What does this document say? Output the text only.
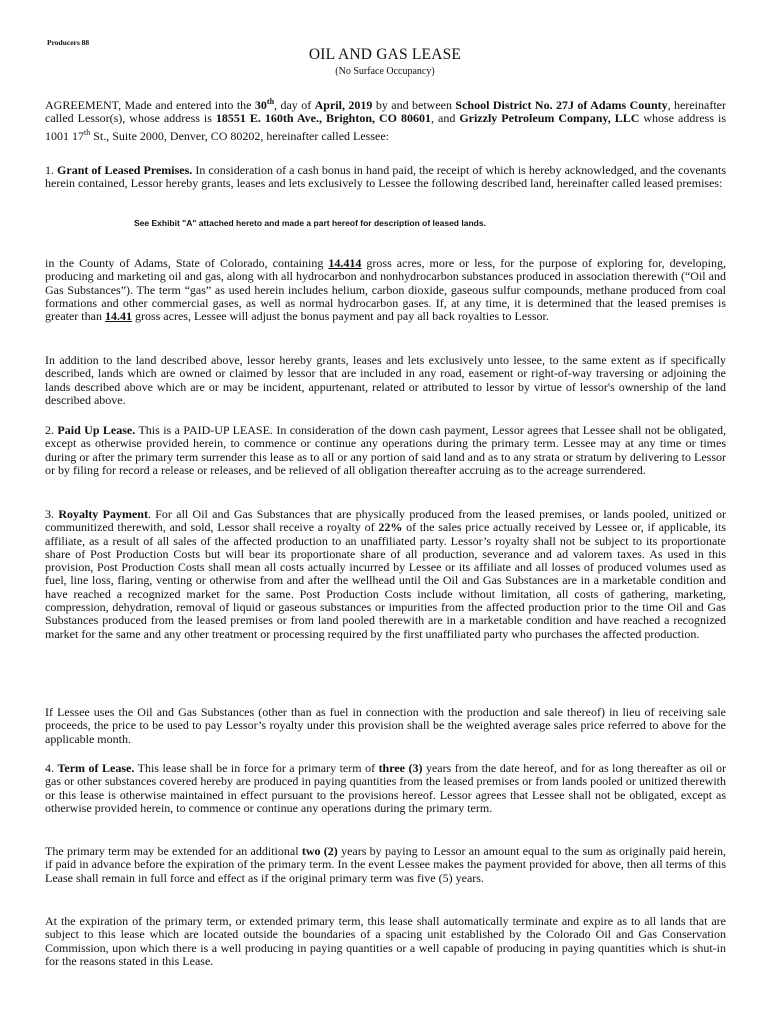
Producers 88
OIL AND GAS LEASE
(No Surface Occupancy)
AGREEMENT, Made and entered into the 30th, day of April, 2019 by and between School District No. 27J of Adams County, hereinafter called Lessor(s), whose address is 18551 E. 160th Ave., Brighton, CO 80601, and Grizzly Petroleum Company, LLC whose address is 1001 17th St., Suite 2000, Denver, CO 80202, hereinafter called Lessee:
1. Grant of Leased Premises. In consideration of a cash bonus in hand paid, the receipt of which is hereby acknowledged, and the covenants herein contained, Lessor hereby grants, leases and lets exclusively to Lessee the following described land, hereinafter called leased premises:
See Exhibit "A" attached hereto and made a part hereof for description of leased lands.
in the County of Adams, State of Colorado, containing 14.414 gross acres, more or less, for the purpose of exploring for, developing, producing and marketing oil and gas, along with all hydrocarbon and nonhydrocarbon substances produced in association therewith (“Oil and Gas Substances”). The term “gas” as used herein includes helium, carbon dioxide, gaseous sulfur compounds, methane produced from coal formations and other commercial gases, as well as normal hydrocarbon gases. If, at any time, it is determined that the leased premises is greater than 14.41 gross acres, Lessee will adjust the bonus payment and pay all back royalties to Lessor.
In addition to the land described above, lessor hereby grants, leases and lets exclusively unto lessee, to the same extent as if specifically described, lands which are owned or claimed by lessor that are included in any road, easement or right-of-way traversing or adjoining the lands described above which are or may be incident, appurtenant, related or attributed to lessor by virtue of lessor's ownership of the land described above.
2. Paid Up Lease. This is a PAID-UP LEASE. In consideration of the down cash payment, Lessor agrees that Lessee shall not be obligated, except as otherwise provided herein, to commence or continue any operations during the primary term. Lessee may at any time or times during or after the primary term surrender this lease as to all or any portion of said land and as to any strata or stratum by delivering to Lessor or by filing for record a release or releases, and be relieved of all obligation thereafter accruing as to the acreage surrendered.
3. Royalty Payment. For all Oil and Gas Substances that are physically produced from the leased premises, or lands pooled, unitized or communitized therewith, and sold, Lessor shall receive a royalty of 22% of the sales price actually received by Lessee or, if applicable, its affiliate, as a result of all sales of the affected production to an unaffiliated party. Lessor’s royalty shall not be subject to its proportionate share of Post Production Costs but will bear its proportionate share of all production, severance and ad valorem taxes. As used in this provision, Post Production Costs shall mean all costs actually incurred by Lessee or its affiliate and all losses of produced volumes used as fuel, line loss, flaring, venting or otherwise from and after the wellhead until the Oil and Gas Substances are in a marketable condition and have reached a recognized market for the same. Post Production Costs include without limitation, all costs of gathering, marketing, compression, dehydration, removal of liquid or gaseous substances or impurities from the affected production prior to the time Oil and Gas Substances produced from the leased premises or from land pooled therewith are in a marketable condition and have reached a recognized market for the same and any other treatment or processing required by the first unaffiliated party who purchases the affected production.
If Lessee uses the Oil and Gas Substances (other than as fuel in connection with the production and sale thereof) in lieu of receiving sale proceeds, the price to be used to pay Lessor’s royalty under this provision shall be the weighted average sales price referred to above for the applicable month.
4. Term of Lease. This lease shall be in force for a primary term of three (3) years from the date hereof, and for as long thereafter as oil or gas or other substances covered hereby are produced in paying quantities from the leased premises or from lands pooled or unitized therewith or this lease is otherwise maintained in effect pursuant to the provisions hereof. Lessor agrees that Lessee shall not be obligated, except as otherwise provided herein, to commence or continue any operations during the primary term.
The primary term may be extended for an additional two (2) years by paying to Lessor an amount equal to the sum as originally paid herein, if paid in advance before the expiration of the primary term. In the event Lessee makes the payment provided for above, then all terms of this Lease shall remain in full force and effect as if the original primary term was five (5) years.
At the expiration of the primary term, or extended primary term, this lease shall automatically terminate and expire as to all lands that are subject to this lease which are located outside the boundaries of a spacing unit established by the Colorado Oil and Gas Conservation Commission, upon which there is a well producing in paying quantities or a well capable of producing in paying quantities which is shut-in for the reasons stated in this Lease.
